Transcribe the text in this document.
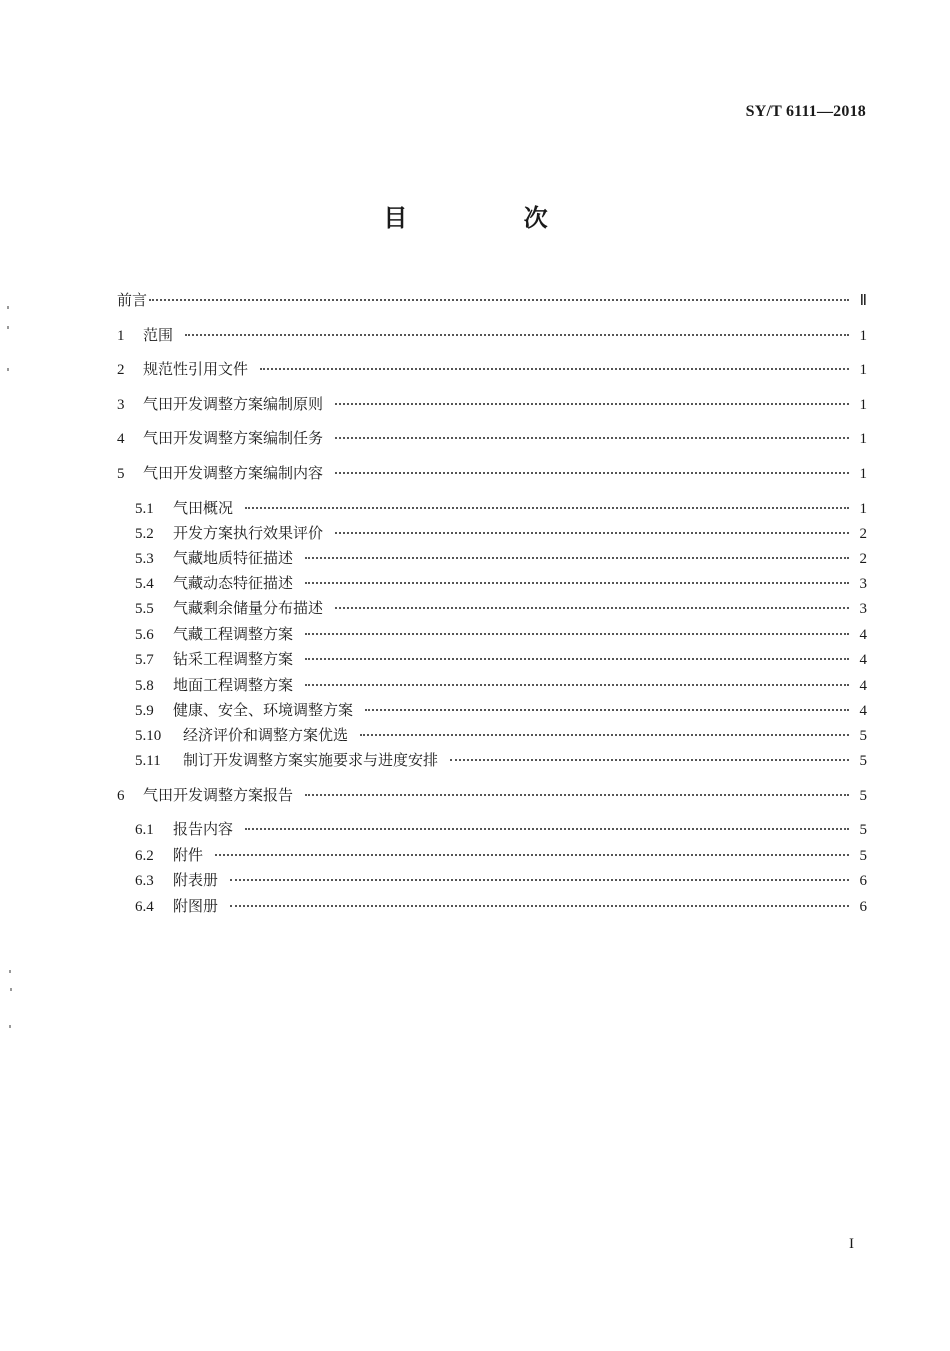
SY/T 6111—2018
目 次
前言	Ⅱ
1	范围	1
2	规范性引用文件	1
3	气田开发调整方案编制原则	1
4	气田开发调整方案编制任务	1
5	气田开发调整方案编制内容	1
5.1	气田概况	1
5.2	开发方案执行效果评价	2
5.3	气藏地质特征描述	2
5.4	气藏动态特征描述	3
5.5	气藏剩余储量分布描述	3
5.6	气藏工程调整方案	4
5.7	钻采工程调整方案	4
5.8	地面工程调整方案	4
5.9	健康、安全、环境调整方案	4
5.10	经济评价和调整方案优选	5
5.11	制订开发调整方案实施要求与进度安排	5
6	气田开发调整方案报告	5
6.1	报告内容	5
6.2	附件	5
6.3	附表册	6
6.4	附图册	6
I
